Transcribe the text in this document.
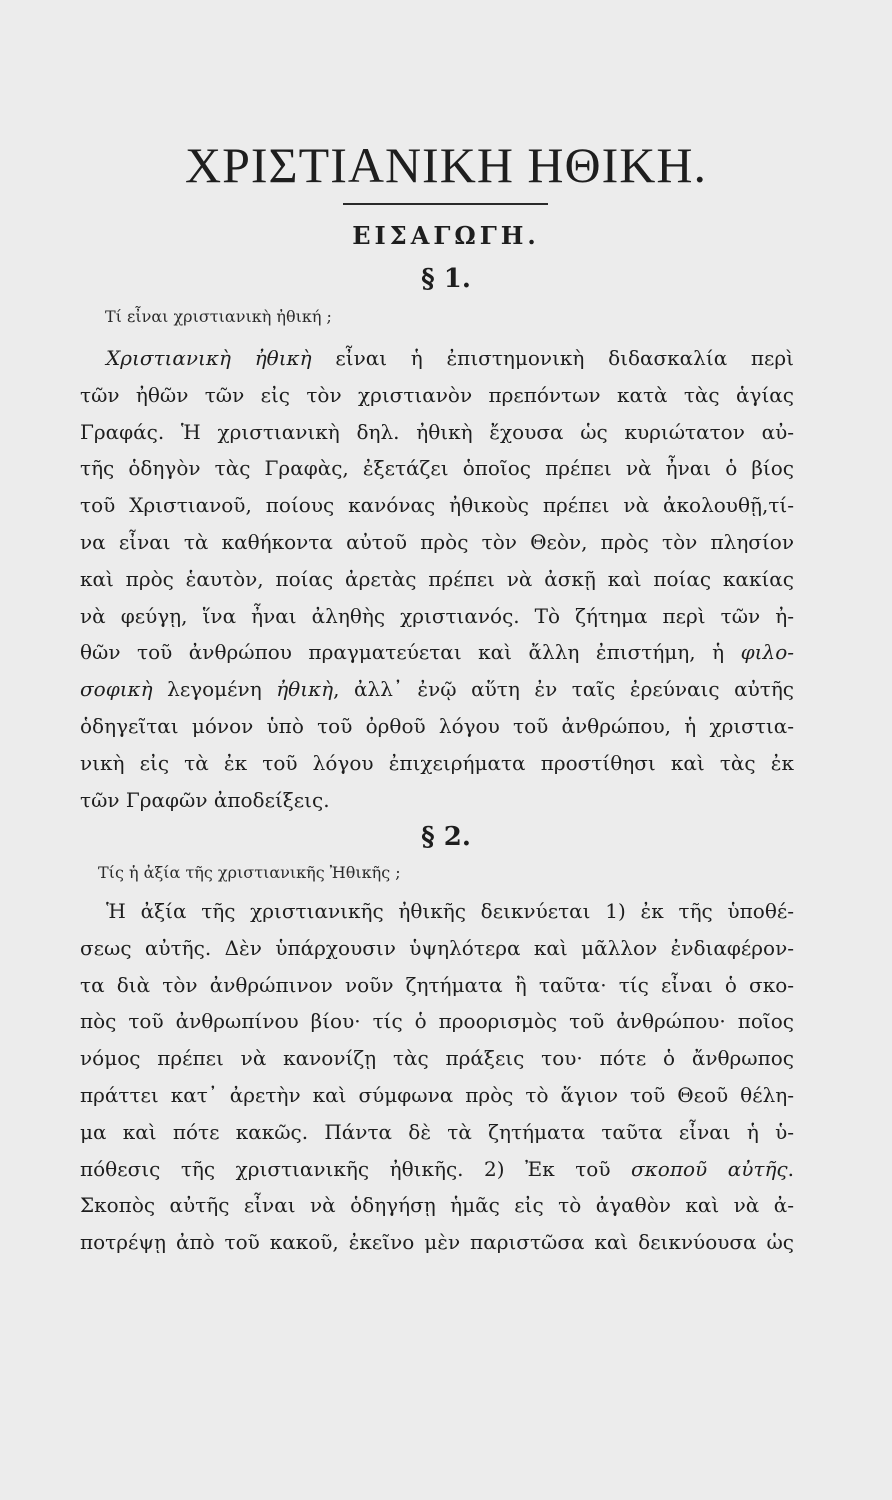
ΧΡΙΣΤΙΑΝΙΚΗ ΗΘΙΚΗ.
ΕΙΣΑΓΩΓΗ.
§ 1.
Τί εἶναι χριστιανικὴ ἠθική ;
Χριστιανικὴ ἠθικὴ εἶναι ἡ ἐπιστημονικὴ διδασκαλία περὶ
τῶν ἠθῶν τῶν εἰς τὸν χριστιανὸν πρεπόντων κατὰ τὰς ἁγίας
Γραφάς. Ἡ χριστιανικὴ δηλ. ἠθικὴ ἔχουσα ὡς κυριώτατον αὐ-
τῆς ὁδηγὸν τὰς Γραφὰς, ἐξετάζει ὁποῖος πρέπει νὰ ἦναι ὁ βίος
τοῦ Χριστιανοῦ, ποίους κανόνας ἠθικοὺς πρέπει νὰ ἀκολουθῇ,τί-
να εἶναι τὰ καθήκοντα αὐτοῦ πρὸς τὸν Θεὸν, πρὸς τὸν πλησίον
καὶ πρὸς ἑαυτὸν, ποίας ἀρετὰς πρέπει νὰ ἀσκῇ καὶ ποίας κακίας
νὰ φεύγῃ, ἵνα ἦναι ἀληθὴς χριστιανός. Τὸ ζήτημα περὶ τῶν ἠ-
θῶν τοῦ ἀνθρώπου πραγματεύεται καὶ ἄλλη ἐπιστήμη, ἡ φιλο-
σοφικὴ λεγομένη ἠθικὴ, ἀλλ᾽ ἐνῷ αὕτη ἐν ταῖς ἐρεύναις αὐτῆς
ὁδηγεῖται μόνον ὑπὸ τοῦ ὀρθοῦ λόγου τοῦ ἀνθρώπου, ἡ χριστια-
νικὴ εἰς τὰ ἐκ τοῦ λόγου ἐπιχειρήματα προστίθησι καὶ τὰς ἐκ
τῶν Γραφῶν ἀποδείξεις.
§ 2.
Τίς ἡ ἀξία τῆς χριστιανικῆς Ἠθικῆς ;
Ἡ ἀξία τῆς χριστιανικῆς ἠθικῆς δεικνύεται 1) ἐκ τῆς ὑποθέ-
σεως αὐτῆς. Δὲν ὑπάρχουσιν ὑψηλότερα καὶ μᾶλλον ἐνδιαφέρον-
τα διὰ τὸν ἀνθρώπινον νοῦν ζητήματα ἢ ταῦτα· τίς εἶναι ὁ σκο-
πὸς τοῦ ἀνθρωπίνου βίου· τίς ὁ προορισμὸς τοῦ ἀνθρώπου· ποῖος
νόμος πρέπει νὰ κανονίζῃ τὰς πράξεις του· πότε ὁ ἄνθρωπος
πράττει κατ᾽ ἀρετὴν καὶ σύμφωνα πρὸς τὸ ἅγιον τοῦ Θεοῦ θέλη-
μα καὶ πότε κακῶς. Πάντα δὲ τὰ ζητήματα ταῦτα εἶναι ἡ ὑ-
πόθεσις τῆς χριστιανικῆς ἠθικῆς. 2) Ἐκ τοῦ σκοποῦ αὐτῆς.
Σκοπὸς αὐτῆς εἶναι νὰ ὁδηγήσῃ ἡμᾶς εἰς τὸ ἀγαθὸν καὶ νὰ ἀ-
ποτρέψῃ ἀπὸ τοῦ κακοῦ, ἐκεῖνο μὲν παριστῶσα καὶ δεικνύουσα ὡς
